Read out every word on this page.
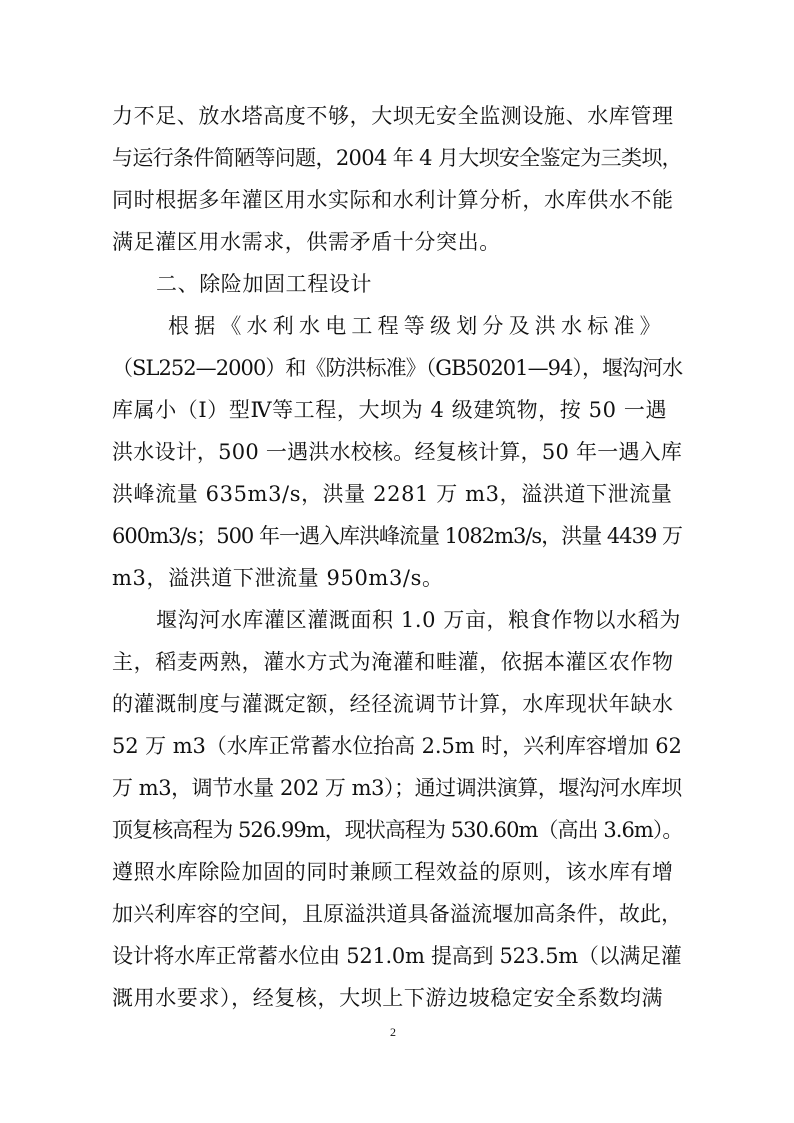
力不足、放水塔高度不够，大坝无安全监测设施、水库管理
与运行条件简陋等问题，2004 年 4 月大坝安全鉴定为三类坝，
同时根据多年灌区用水实际和水利计算分析，水库供水不能
满足灌区用水需求，供需矛盾十分突出。
二、除险加固工程设计
根据《水利水电工程等级划分及洪水标准》
（SL252—2000）和《防洪标准》（GB50201—94），堰沟河水
库属小（Ⅰ）型Ⅳ等工程，大坝为 4 级建筑物，按 50 一遇
洪水设计，500 一遇洪水校核。经复核计算，50 年一遇入库
洪峰流量 635m3/s，洪量 2281 万 m3，溢洪道下泄流量
600m3/s；500 年一遇入库洪峰流量 1082m3/s，洪量 4439 万
m3，溢洪道下泄流量 950m3/s。
堰沟河水库灌区灌溉面积 1.0 万亩，粮食作物以水稻为
主，稻麦两熟，灌水方式为淹灌和畦灌，依据本灌区农作物
的灌溉制度与灌溉定额，经径流调节计算，水库现状年缺水
52 万 m3（水库正常蓄水位抬高 2.5m 时，兴利库容增加 62
万 m3，调节水量 202 万 m3）；通过调洪演算，堰沟河水库坝
顶复核高程为 526.99m，现状高程为 530.60m（高出 3.6m）。
遵照水库除险加固的同时兼顾工程效益的原则，该水库有增
加兴利库容的空间，且原溢洪道具备溢流堰加高条件，故此，
设计将水库正常蓄水位由 521.0m 提高到 523.5m（以满足灌
溉用水要求），经复核，大坝上下游边坡稳定安全系数均满
2
